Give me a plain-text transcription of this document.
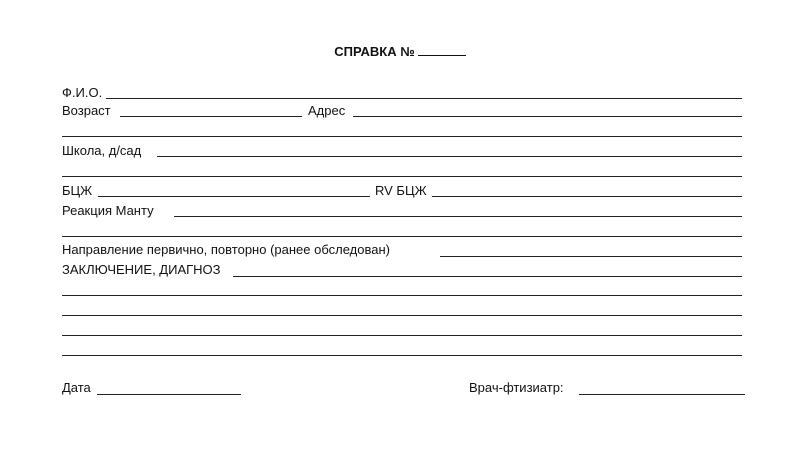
СПРАВКА №
Ф.И.О.
Возраст	Адрес
Школа, д/сад
БЦЖ	RV БЦЖ
Реакция Манту
Направление первично, повторно (ранее обследован)
ЗАКЛЮЧЕНИЕ, ДИАГНОЗ
Дата	Врач-фтизиатр:
